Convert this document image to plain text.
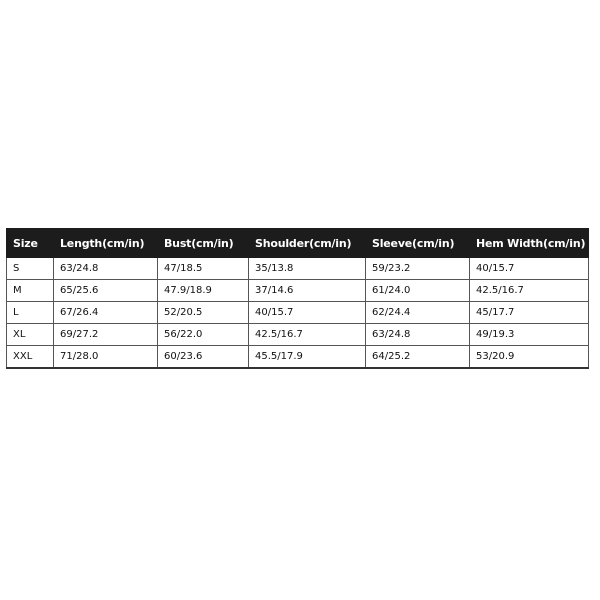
Size	Length(cm/in)	Bust(cm/in)	Shoulder(cm/in)	Sleeve(cm/in)	Hem Width(cm/in)
S	63/24.8	47/18.5	35/13.8	59/23.2	40/15.7
M	65/25.6	47.9/18.9	37/14.6	61/24.0	42.5/16.7
L	67/26.4	52/20.5	40/15.7	62/24.4	45/17.7
XL	69/27.2	56/22.0	42.5/16.7	63/24.8	49/19.3
XXL	71/28.0	60/23.6	45.5/17.9	64/25.2	53/20.9
